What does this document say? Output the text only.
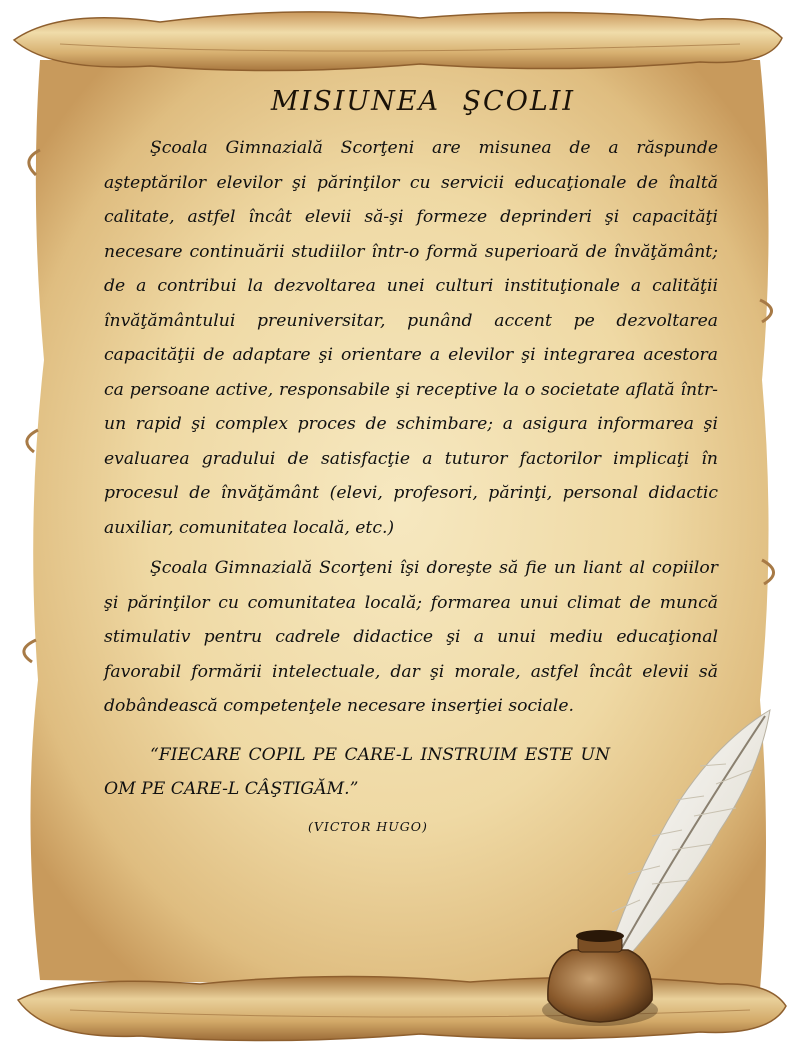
MISIUNEA ŞCOLII

Şcoala Gimnazială Scorţeni are misunea de a răspunde aşteptărilor elevilor şi părinţilor cu servicii educaţionale de înaltă calitate, astfel încât elevii să-şi formeze deprinderi şi capacităţi necesare continuării studiilor într-o formă superioară de învăţământ; de a contribui la dezvoltarea unei culturi instituţionale a calităţii învăţământului preuniversitar, punând accent pe dezvoltarea capacităţii de adaptare şi orientare a elevilor şi integrarea acestora ca persoane active, responsabile şi receptive la o societate aflată într-un rapid şi complex proces de schimbare; a asigura informarea şi evaluarea gradului de satisfacţie a tuturor factorilor implicaţi în procesul de învăţământ (elevi, profesori, părinţi, personal didactic auxiliar, comunitatea locală, etc.)

Şcoala Gimnazială Scorţeni îşi doreşte să fie un liant al copiilor şi părinţilor cu comunitatea locală; formarea unui climat de muncă stimulativ pentru cadrele didactice şi a unui mediu educaţional favorabil formării intelectuale, dar şi morale, astfel încât elevii să dobândească competenţele necesare inserţiei sociale.

“FIECARE COPIL PE CARE-L INSTRUIM ESTE UN OM PE CARE-L CÂŞTIGĂM.”

(VICTOR HUGO)
